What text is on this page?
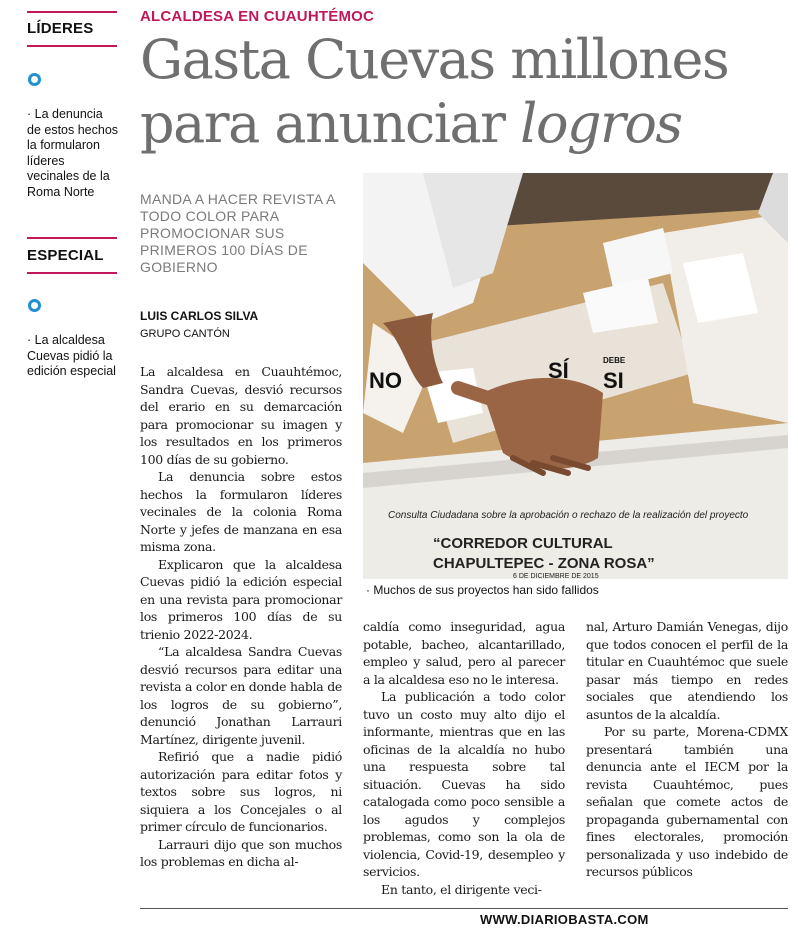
LÍDERES
· La denuncia de estos hechos la formularon líderes vecinales de la Roma Norte
ESPECIAL
· La alcaldesa Cuevas pidió la edición especial
ALCALDESA EN CUAUHTÉMOC
Gasta Cuevas millones
para anunciar logros
MANDA A HACER REVISTA A TODO COLOR PARA PROMOCIONAR SUS PRIMEROS 100 DÍAS DE GOBIERNO
LUIS CARLOS SILVA
GRUPO CANTÓN

La alcaldesa en Cuauhtémoc, Sandra Cuevas, desvió recursos del erario en su demarcación para promocionar su imagen y los resultados en los primeros 100 días de su gobierno.

La denuncia sobre estos hechos la formularon líderes vecinales de la colonia Roma Norte y jefes de manzana en esa misma zona.

Explicaron que la alcaldesa Cuevas pidió la edición especial en una revista para promocionar los primeros 100 días de su trienio 2022-2024.

“La alcaldesa Sandra Cuevas desvió recursos para editar una revista a color en donde habla de los logros de su gobierno”, denunció Jonathan Larrauri Martínez, dirigente juvenil.

Refirió que a nadie pidió autorización para editar fotos y textos sobre sus logros, ni siquiera a los Concejales o al primer círculo de funcionarios.

Larrauri dijo que son muchos los problemas en dicha al-

NO	SÍ SI
DEBE
Consulta Ciudadana sobre la aprobación o rechazo de la realización del proyecto
“CORREDOR CULTURAL
CHAPULTEPEC - ZONA ROSA”
6 DE DICIEMBRE DE 2015
· Muchos de sus proyectos han sido fallidos

caldía como inseguridad, agua potable, bacheo, alcantarillado, empleo y salud, pero al parecer a la alcaldesa eso no le interesa.

La publicación a todo color tuvo un costo muy alto dijo el informante, mientras que en las oficinas de la alcaldía no hubo una respuesta sobre tal situación. Cuevas ha sido catalogada como poco sensible a los agudos y complejos problemas, como son la ola de violencia, Covid-19, desempleo y servicios.

En tanto, el dirigente veci-

nal, Arturo Damián Venegas, dijo que todos conocen el perfil de la titular en Cuauhtémoc que suele pasar más tiempo en redes sociales que atendiendo los asuntos de la alcaldía.

Por su parte, Morena-CDMX presentará también una denuncia ante el IECM por la revista Cuauhtémoc, pues señalan que comete actos de propaganda gubernamental con fines electorales, promoción personalizada y uso indebido de recursos públicos

WWW.DIARIOBASTA.COM
